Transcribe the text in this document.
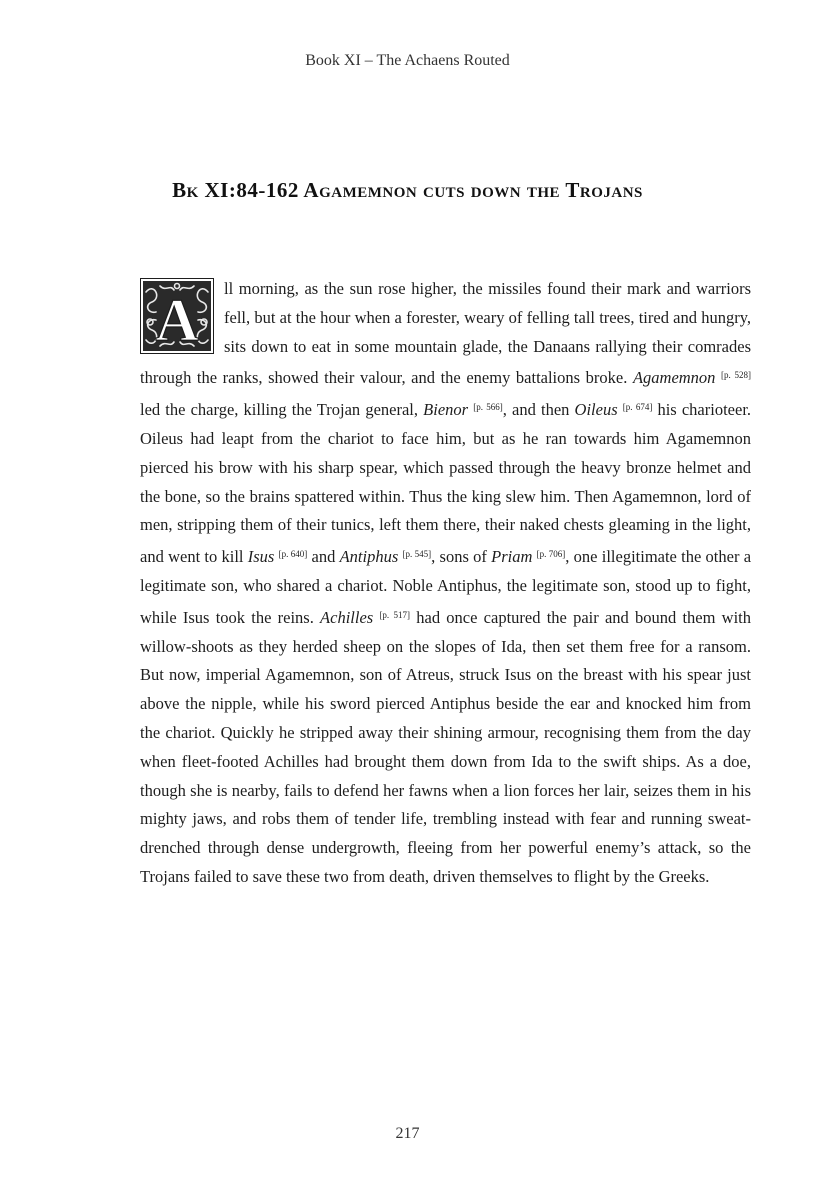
Book XI – The Achaens Routed
Bk XI:84-162 Agamemnon cuts down the Trojans
A ll morning, as the sun rose higher, the missiles found their mark and warriors fell, but at the hour when a forester, weary of felling tall trees, tired and hungry, sits down to eat in some mountain glade, the Danaans rallying their comrades through the ranks, showed their valour, and the enemy battalions broke. Agamemnon [p. 528] led the charge, killing the Trojan general, Bienor [p. 566], and then Oileus [p. 674] his charioteer. Oileus had leapt from the chariot to face him, but as he ran towards him Agamemnon pierced his brow with his sharp spear, which passed through the heavy bronze helmet and the bone, so the brains spattered within. Thus the king slew him. Then Agamemnon, lord of men, stripping them of their tunics, left them there, their naked chests gleaming in the light, and went to kill Isus [p. 640] and Antiphus [p. 545], sons of Priam [p. 706], one illegitimate the other a legitimate son, who shared a chariot. Noble Antiphus, the legitimate son, stood up to fight, while Isus took the reins. Achilles [p. 517] had once captured the pair and bound them with willow-shoots as they herded sheep on the slopes of Ida, then set them free for a ransom. But now, imperial Agamemnon, son of Atreus, struck Isus on the breast with his spear just above the nipple, while his sword pierced Antiphus beside the ear and knocked him from the chariot. Quickly he stripped away their shining armour, recognising them from the day when fleet-footed Achilles had brought them down from Ida to the swift ships. As a doe, though she is nearby, fails to defend her fawns when a lion forces her lair, seizes them in his mighty jaws, and robs them of tender life, trembling instead with fear and running sweat-drenched through dense undergrowth, fleeing from her powerful enemy’s attack, so the Trojans failed to save these two from death, driven themselves to flight by the Greeks.
217
